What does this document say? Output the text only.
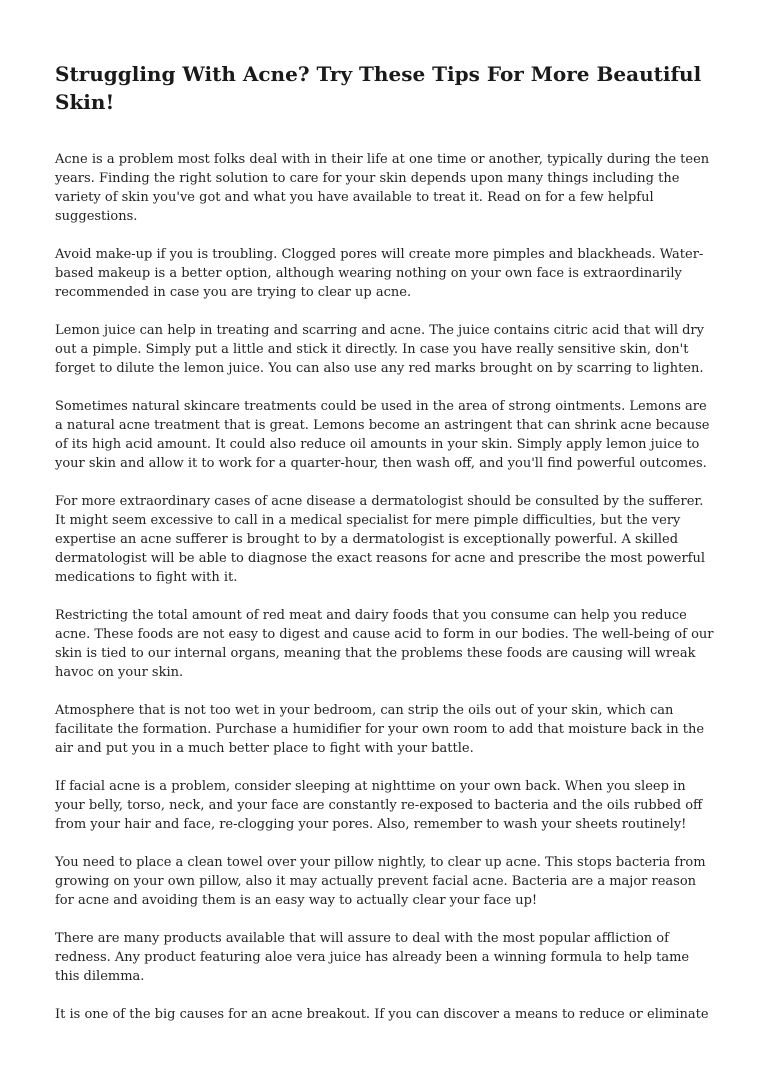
Struggling With Acne? Try These Tips For More Beautiful Skin!

Acne is a problem most folks deal with in their life at one time or another, typically during the teen years. Finding the right solution to care for your skin depends upon many things including the variety of skin you've got and what you have available to treat it. Read on for a few helpful suggestions.

Avoid make-up if you is troubling. Clogged pores will create more pimples and blackheads. Water-based makeup is a better option, although wearing nothing on your own face is extraordinarily recommended in case you are trying to clear up acne.

Lemon juice can help in treating and scarring and acne. The juice contains citric acid that will dry out a pimple. Simply put a little and stick it directly. In case you have really sensitive skin, don't forget to dilute the lemon juice. You can also use any red marks brought on by scarring to lighten.

Sometimes natural skincare treatments could be used in the area of strong ointments. Lemons are a natural acne treatment that is great. Lemons become an astringent that can shrink acne because of its high acid amount. It could also reduce oil amounts in your skin. Simply apply lemon juice to your skin and allow it to work for a quarter-hour, then wash off, and you'll find powerful outcomes.

For more extraordinary cases of acne disease a dermatologist should be consulted by the sufferer. It might seem excessive to call in a medical specialist for mere pimple difficulties, but the very expertise an acne sufferer is brought to by a dermatologist is exceptionally powerful. A skilled dermatologist will be able to diagnose the exact reasons for acne and prescribe the most powerful medications to fight with it.

Restricting the total amount of red meat and dairy foods that you consume can help you reduce acne. These foods are not easy to digest and cause acid to form in our bodies. The well-being of our skin is tied to our internal organs, meaning that the problems these foods are causing will wreak havoc on your skin.

Atmosphere that is not too wet in your bedroom, can strip the oils out of your skin, which can facilitate the formation. Purchase a humidifier for your own room to add that moisture back in the air and put you in a much better place to fight with your battle.

If facial acne is a problem, consider sleeping at nighttime on your own back. When you sleep in your belly, torso, neck, and your face are constantly re-exposed to bacteria and the oils rubbed off from your hair and face, re-clogging your pores. Also, remember to wash your sheets routinely!

You need to place a clean towel over your pillow nightly, to clear up acne. This stops bacteria from growing on your own pillow, also it may actually prevent facial acne. Bacteria are a major reason for acne and avoiding them is an easy way to actually clear your face up!

There are many products available that will assure to deal with the most popular affliction of redness. Any product featuring aloe vera juice has already been a winning formula to help tame this dilemma.

It is one of the big causes for an acne breakout. If you can discover a means to reduce or eliminate
